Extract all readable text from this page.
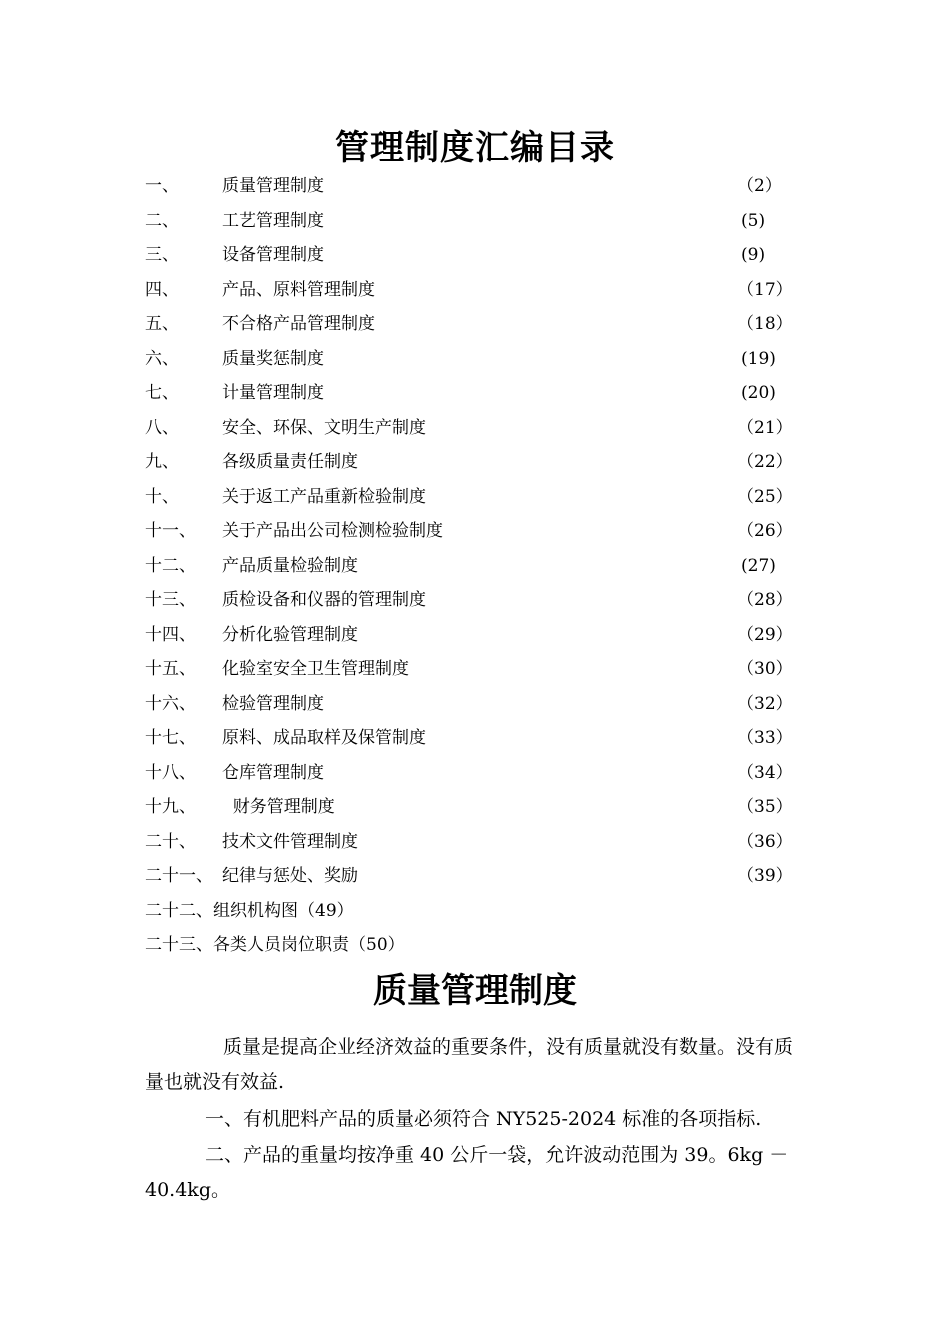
管理制度汇编目录
一、	质量管理制度	（2）
二、	工艺管理制度	(5)
三、	设备管理制度	(9)
四、	产品、原料管理制度	（17）
五、	不合格产品管理制度	（18）
六、	质量奖惩制度	(19)
七、	计量管理制度	(20)
八、	安全、环保、文明生产制度	（21）
九、	各级质量责任制度	（22）
十、	关于返工产品重新检验制度	（25）
十一、 关于产品出公司检测检验制度	（26）
十二、 产品质量检验制度	(27)
十三、 质检设备和仪器的管理制度	（28）
十四、 分析化验管理制度	（29）
十五、 化验室安全卫生管理制度	（30）
十六、 检验管理制度	（32）
十七、 原料、成品取样及保管制度	（33）
十八、 仓库管理制度	（34）
十九、 财务管理制度	（35）
二十、 技术文件管理制度	（36）
二十一、 纪律与惩处、奖励	（39）
二十二、组织机构图（49）
二十三、各类人员岗位职责（50）
质量管理制度
质量是提高企业经济效益的重要条件，没有质量就没有数量。没有质量也就没有效益.
一、有机肥料产品的质量必须符合 NY525-2024 标准的各项指标.
二、产品的重量均按净重 40 公斤一袋，允许波动范围为 39。6kg －40.4kg。
